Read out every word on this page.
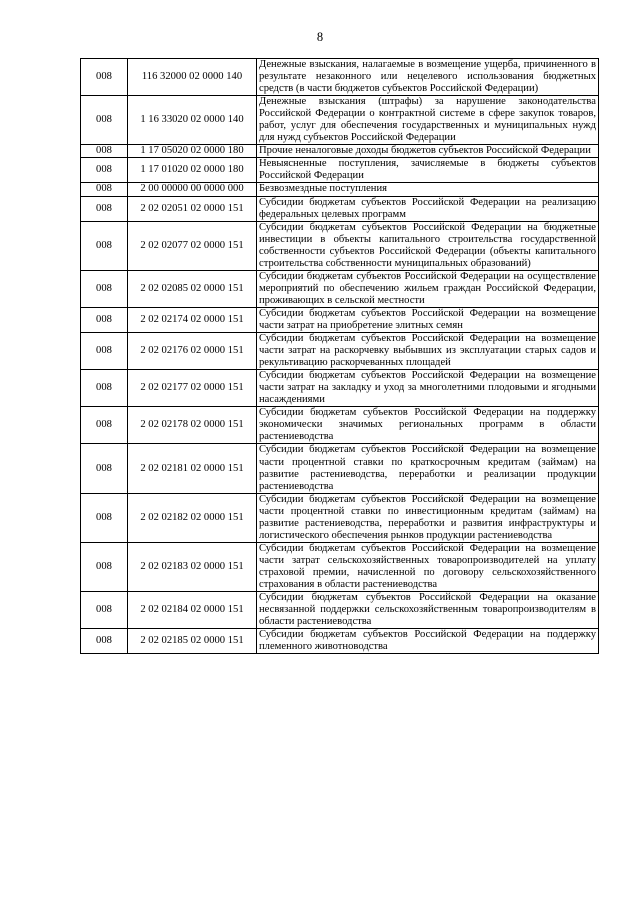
8
008	116 32000 02 0000 140	Денежные взыскания, налагаемые в возмещение ущерба, причиненного в результате незаконного или нецелевого использования бюджетных средств (в части бюджетов субъектов Российской Федерации)
008	1 16 33020 02 0000 140	Денежные взыскания (штрафы) за нарушение законодательства Российской Федерации о контрактной системе в сфере закупок товаров, работ, услуг для обеспечения государственных и муниципальных нужд для нужд субъектов Российской Федерации
008	1 17 05020 02 0000 180	Прочие неналоговые доходы бюджетов субъектов Российской Федерации
008	1 17 01020 02 0000 180	Невыясненные поступления, зачисляемые в бюджеты субъектов Российской Федерации
008	2 00 00000 00 0000 000	Безвозмездные поступления
008	2 02 02051 02 0000 151	Субсидии бюджетам субъектов Российской Федерации на реализацию федеральных целевых программ
008	2 02 02077 02 0000 151	Субсидии бюджетам субъектов Российской Федерации на бюджетные инвестиции в объекты капитального строительства государственной собственности субъектов Российской Федерации (объекты капитального строительства собственности муниципальных образований)
008	2 02 02085 02 0000 151	Субсидии бюджетам субъектов Российской Федерации на осуществление мероприятий по обеспечению жильем граждан Российской Федерации, проживающих в сельской местности
008	2 02 02174 02 0000 151	Субсидии бюджетам субъектов Российской Федерации на возмещение части затрат на приобретение элитных семян
008	2 02 02176 02 0000 151	Субсидии бюджетам субъектов Российской Федерации на возмещение части затрат на раскорчевку выбывших из эксплуатации старых садов и рекультивацию раскорчеванных площадей
008	2 02 02177 02 0000 151	Субсидии бюджетам субъектов Российской Федерации на возмещение части затрат на закладку и уход за многолетними плодовыми и ягодными насаждениями
008	2 02 02178 02 0000 151	Субсидии бюджетам субъектов Российской Федерации на поддержку экономически значимых региональных программ в области растениеводства
008	2 02 02181 02 0000 151	Субсидии бюджетам субъектов Российской Федерации на возмещение части процентной ставки по краткосрочным кредитам (займам) на развитие растениеводства, переработки и реализации продукции растениеводства
008	2 02 02182 02 0000 151	Субсидии бюджетам субъектов Российской Федерации на возмещение части процентной ставки по инвестиционным кредитам (займам) на развитие растениеводства, переработки и развития инфраструктуры и логистического обеспечения рынков продукции растениеводства
008	2 02 02183 02 0000 151	Субсидии бюджетам субъектов Российской Федерации на возмещение части затрат сельскохозяйственных товаропроизводителей на уплату страховой премии, начисленной по договору сельскохозяйственного страхования в области растениеводства
008	2 02 02184 02 0000 151	Субсидии бюджетам субъектов Российской Федерации на оказание несвязанной поддержки сельскохозяйственным товаропроизводителям в области растениеводства
008	2 02 02185 02 0000 151	Субсидии бюджетам субъектов Российской Федерации на поддержку племенного животноводства
